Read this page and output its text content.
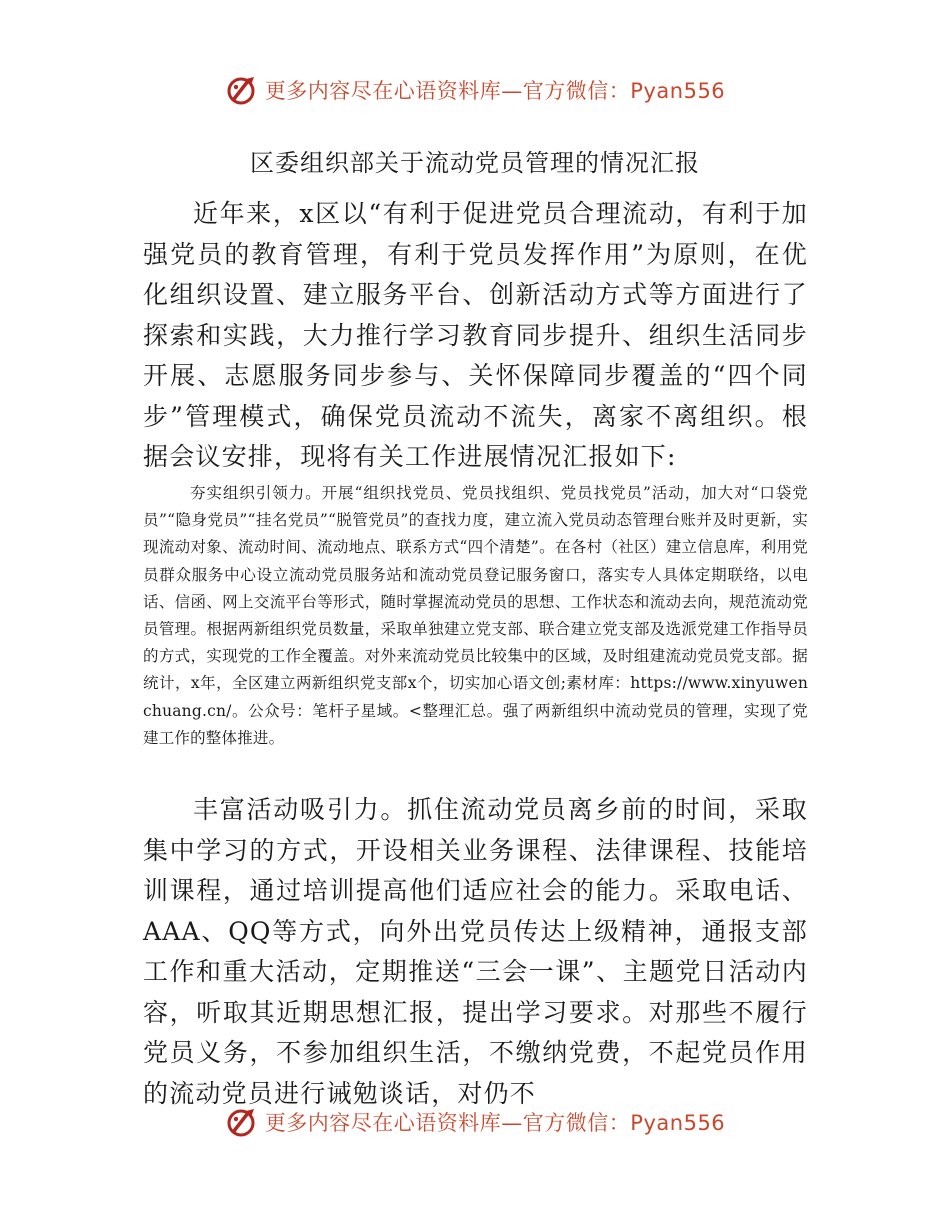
更多内容尽在心语资料库—官方微信：Pyan556
区委组织部关于流动党员管理的情况汇报

近年来，x区以“有利于促进党员合理流动，有利于加强党员的教育管理，有利于党员发挥作用”为原则，在优化组织设置、建立服务平台、创新活动方式等方面进行了探索和实践，大力推行学习教育同步提升、组织生活同步开展、志愿服务同步参与、关怀保障同步覆盖的“四个同步”管理模式，确保党员流动不流失，离家不离组织。根据会议安排，现将有关工作进展情况汇报如下:

夯实组织引领力。开展“组织找党员、党员找组织、党员找党员”活动，加大对“口袋党员”“隐身党员”“挂名党员”“脱管党员”的查找力度，建立流入党员动态管理台账并及时更新，实现流动对象、流动时间、流动地点、联系方式“四个清楚”。在各村（社区）建立信息库，利用党员群众服务中心设立流动党员服务站和流动党员登记服务窗口，落实专人具体定期联络，以电话、信函、网上交流平台等形式，随时掌握流动党员的思想、工作状态和流动去向，规范流动党员管理。根据两新组织党员数量，采取单独建立党支部、联合建立党支部及选派党建工作指导员的方式，实现党的工作全覆盖。对外来流动党员比较集中的区域，及时组建流动党员党支部。据统计，x年，全区建立两新组织党支部x个，切实加心语文创;素材库：https://www.xinyuwenchuang.cn/。公众号：笔杆子星域。<整理汇总。强了两新组织中流动党员的管理，实现了党建工作的整体推进。

丰富活动吸引力。抓住流动党员离乡前的时间，采取集中学习的方式，开设相关业务课程、法律课程、技能培训课程，通过培训提高他们适应社会的能力。采取电话、AAA、QQ等方式，向外出党员传达上级精神，通报支部工作和重大活动，定期推送“三会一课”、主题党日活动内容，听取其近期思想汇报，提出学习要求。对那些不履行党员义务，不参加组织生活，不缴纳党费，不起党员作用的流动党员进行诫勉谈话，对仍不

更多内容尽在心语资料库—官方微信：Pyan556
